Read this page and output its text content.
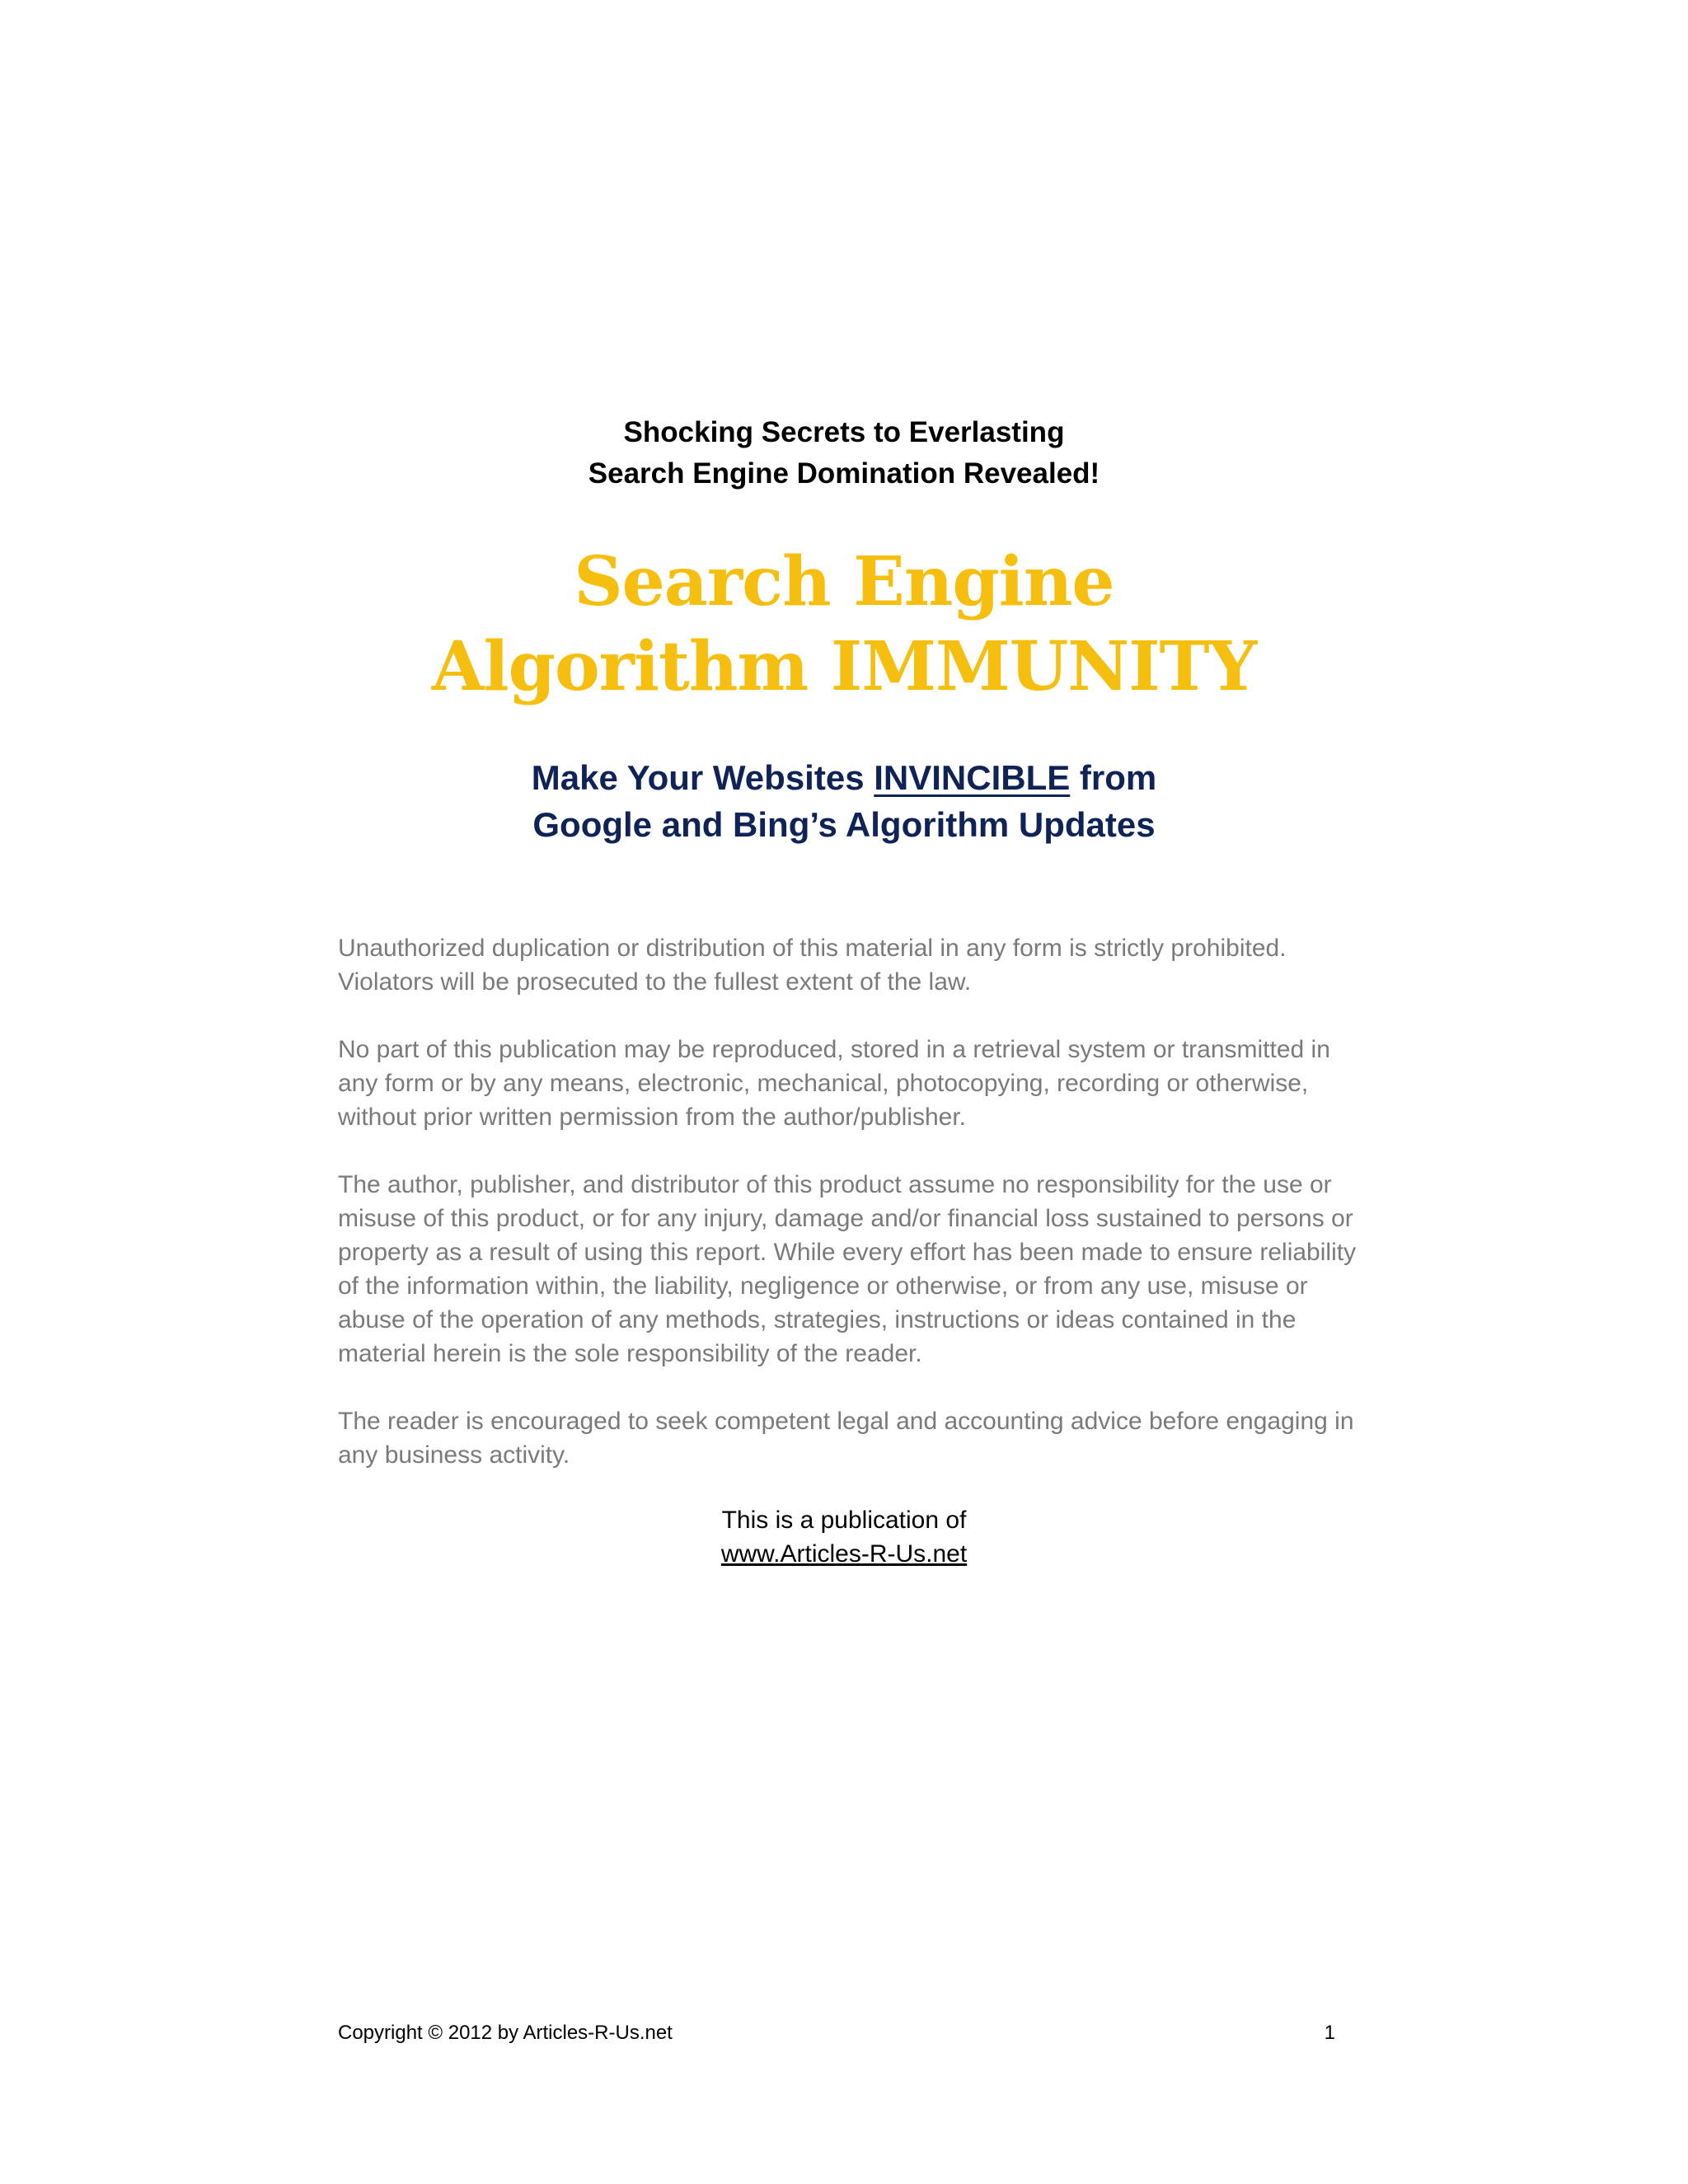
Shocking Secrets to Everlasting
Search Engine Domination Revealed!
Search Engine
Algorithm IMMUNITY
Make Your Websites INVINCIBLE from
Google and Bing’s Algorithm Updates

Unauthorized duplication or distribution of this material in any form is strictly prohibited. Violators will be prosecuted to the fullest extent of the law.

No part of this publication may be reproduced, stored in a retrieval system or transmitted in any form or by any means, electronic, mechanical, photocopying, recording or otherwise, without prior written permission from the author/publisher.

The author, publisher, and distributor of this product assume no responsibility for the use or misuse of this product, or for any injury, damage and/or financial loss sustained to persons or property as a result of using this report. While every effort has been made to ensure reliability of the information within, the liability, negligence or otherwise, or from any use, misuse or abuse of the operation of any methods, strategies, instructions or ideas contained in the material herein is the sole responsibility of the reader.

The reader is encouraged to seek competent legal and accounting advice before engaging in any business activity.

This is a publication of
www.Articles-R-Us.net
Copyright © 2012 by Articles-R-Us.net	1
